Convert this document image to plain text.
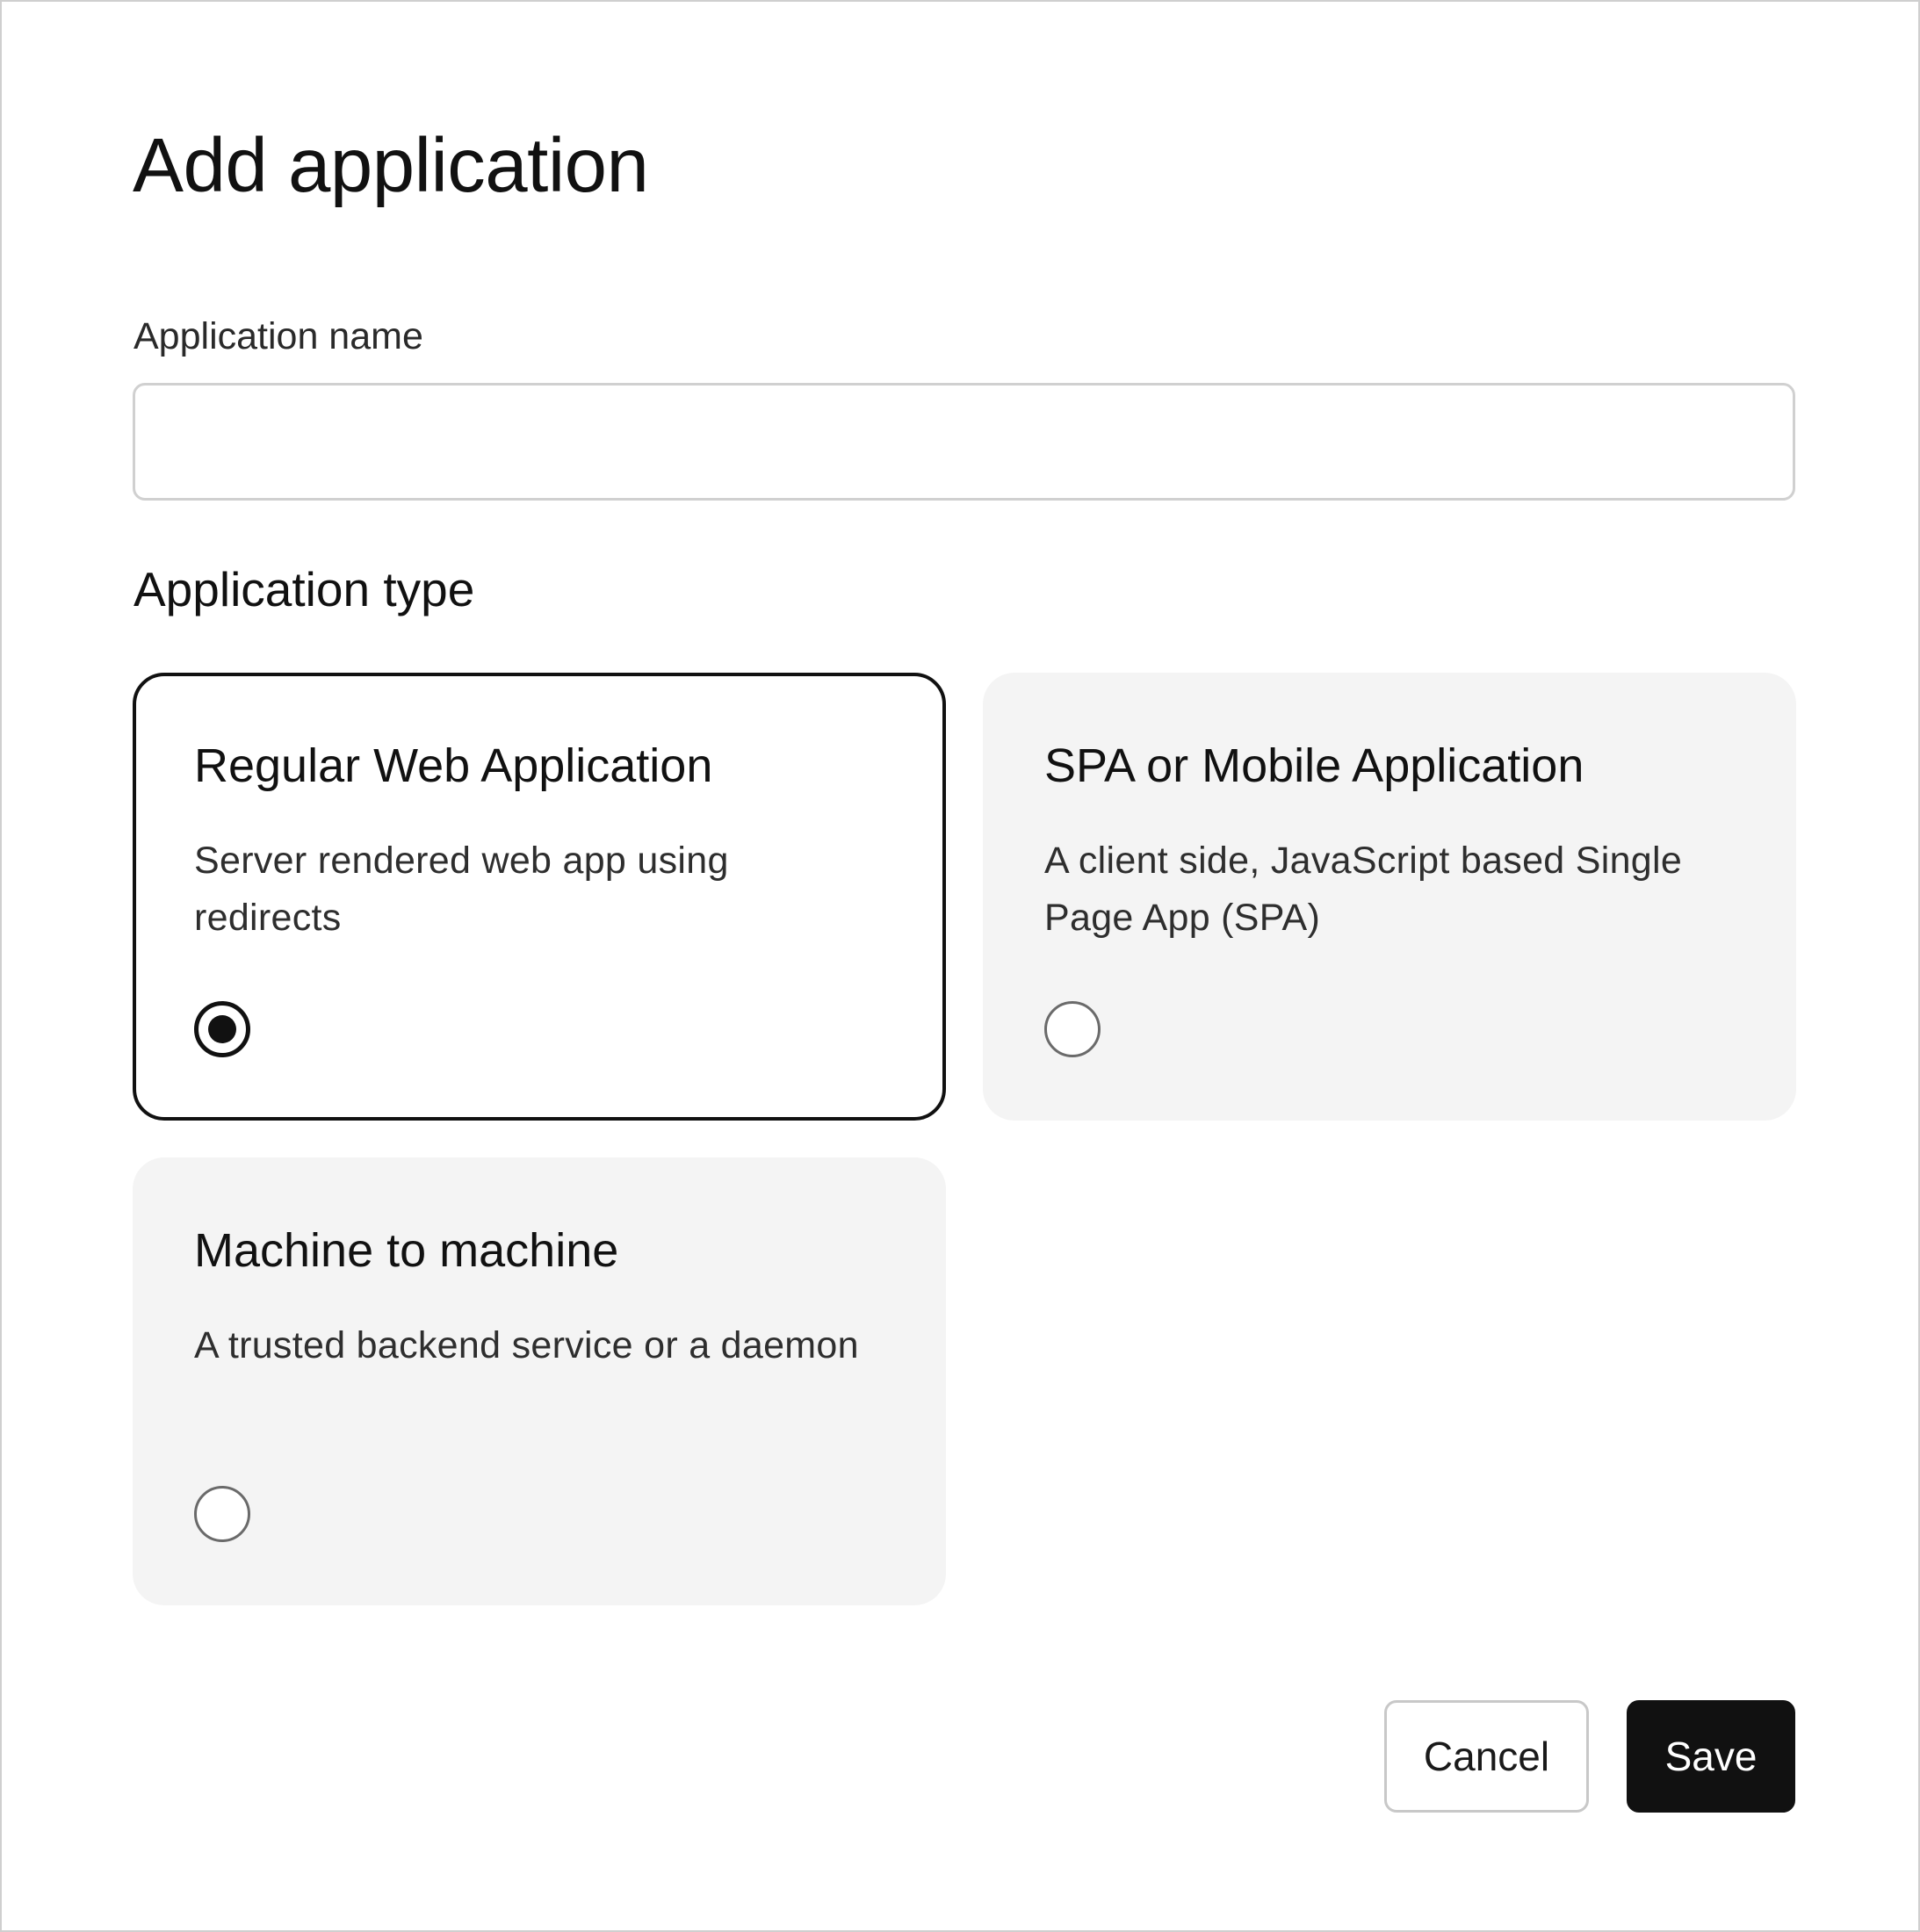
Add application
Application name
Application type
Regular Web Application
Server rendered web app using redirects
SPA or Mobile Application
A client side, JavaScript based Single Page App (SPA)
Machine to machine
A trusted backend service or a daemon
Cancel	Save
